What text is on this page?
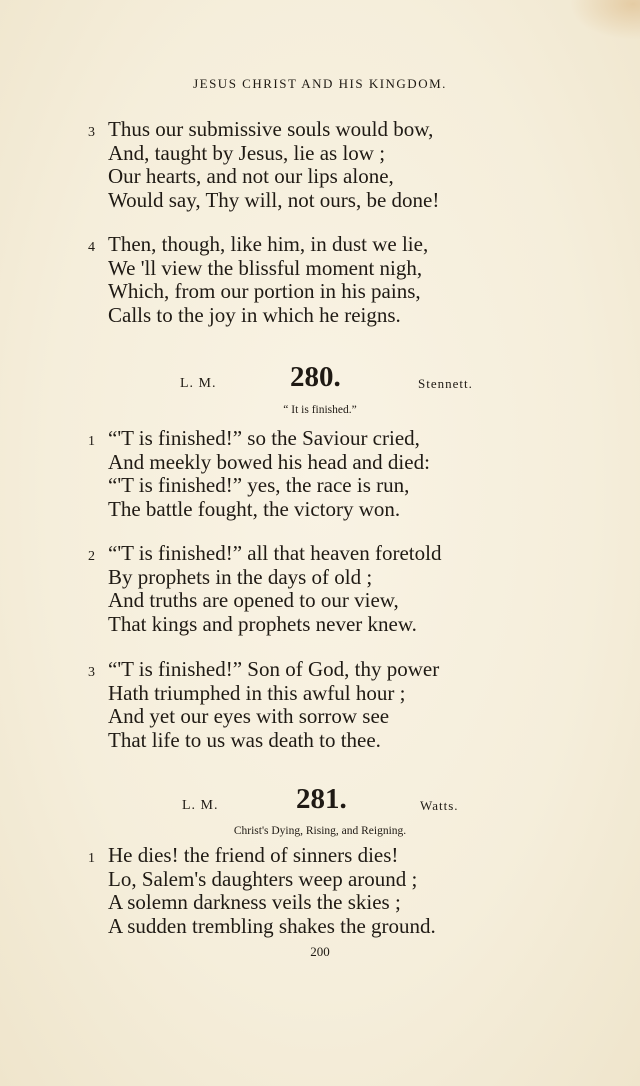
JESUS CHRIST AND HIS KINGDOM.
3 Thus our submissive souls would bow,
And, taught by Jesus, lie as low ;
Our hearts, and not our lips alone,
Would say, Thy will, not ours, be done!
4 Then, though, like him, in dust we lie,
We 'll view the blissful moment nigh,
Which, from our portion in his pains,
Calls to the joy in which he reigns.
L. M.	280.	Stennett.
“ It is finished.”
1 “'T is finished!” so the Saviour cried,
And meekly bowed his head and died:
“'T is finished!” yes, the race is run,
The battle fought, the victory won.
2 “'T is finished!” all that heaven foretold
By prophets in the days of old ;
And truths are opened to our view,
That kings and prophets never knew.
3 “'T is finished!” Son of God, thy power
Hath triumphed in this awful hour ;
And yet our eyes with sorrow see
That life to us was death to thee.
L. M.	281.	Watts.
Christ's Dying, Rising, and Reigning.
1 He dies! the friend of sinners dies!
Lo, Salem's daughters weep around ;
A solemn darkness veils the skies ;
A sudden trembling shakes the ground.
200
